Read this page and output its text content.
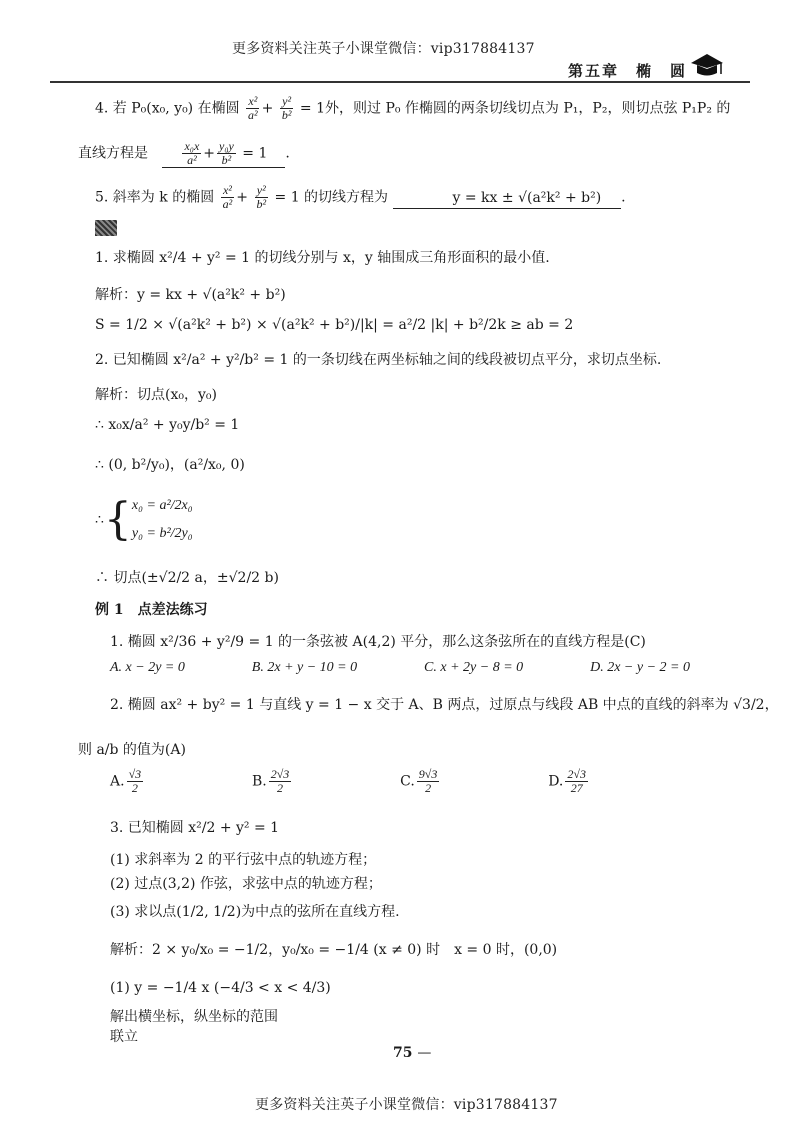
更多资料关注英子小课堂微信：vip317884137
第五章　椭　圆
4. 若 P₀(x₀, y₀) 在椭圆 $\frac{\text{x²}}{\text{a²}} + \frac{\text{y²}}{\text{b²}} = 1$外，则过 P₀ 作椭圆的两条切线切点为 P₁，P₂，则切点弦 P₁P₂ 的
直线方程是	$\frac{\text{x₀x}}{\text{a²}} + \frac{\text{y₀y}}{\text{b²}} = 1$.
5. 斜率为 k 的椭圆 $\frac{\text{x²}}{\text{a²}} + \frac{\text{y²}}{\text{b²}} = 1$ 的切线方程为	y = kx ± √(a²k² + b²) .
1. 求椭圆 x²/4 + y² = 1 的切线分别与 x，y 轴围成三角形面积的最小值.
解析：y = kx + √(a²k² + b²)
S = 1/2 × √(a²k² + b²) × √(a²k² + b²)/|k| = a²/2 |k| + b²/2k ≥ ab = 2
2. 已知椭圆 x²/a² + y²/b² = 1 的一条切线在两坐标轴之间的线段被切点平分，求切点坐标.
解析：切点(x₀，y₀)
∴ x₀x/a² + y₀y/b² = 1
∴ (0, b²/y₀)，(a²/x₀, 0)
∴ { x₀ = a²/2x₀
y₀ = b²/2y₀
∴ 切点(±√2/2 a，±√2/2 b)
例 1　点差法练习
1. 椭圆 x²/36 + y²/9 = 1 的一条弦被 A(4,2) 平分，那么这条弦所在的直线方程是(C)
A. x − 2y = 0	B. 2x + y − 10 = 0	C. x + 2y − 8 = 0	D. 2x − y − 2 = 0
2. 椭圆 ax² + by² = 1 与直线 y = 1 − x 交于 A、B 两点，过原点与线段 AB 中点的直线的斜率为 √3/2，
则 a/b 的值为(A)
A. $\frac{√3}{2}$	B. $\frac{2√3}{2}$	C. $\frac{9√3}{2}$	D. $\frac{2√3}{27}$
3. 已知椭圆 x²/2 + y² = 1
(1) 求斜率为 2 的平行弦中点的轨迹方程；
(2) 过点(3,2) 作弦，求弦中点的轨迹方程；
(3) 求以点(1/2, 1/2)为中点的弦所在直线方程.
解析：2 × y₀/x₀ = −1/2，y₀/x₀ = −1/4 (x ≠ 0) 时　x = 0 时，(0,0)
(1) y = −1/4 x (−4/3 < x < 4/3)
解出横坐标，纵坐标的范围
联立
75 —
更多资料关注英子小课堂微信：vip317884137
